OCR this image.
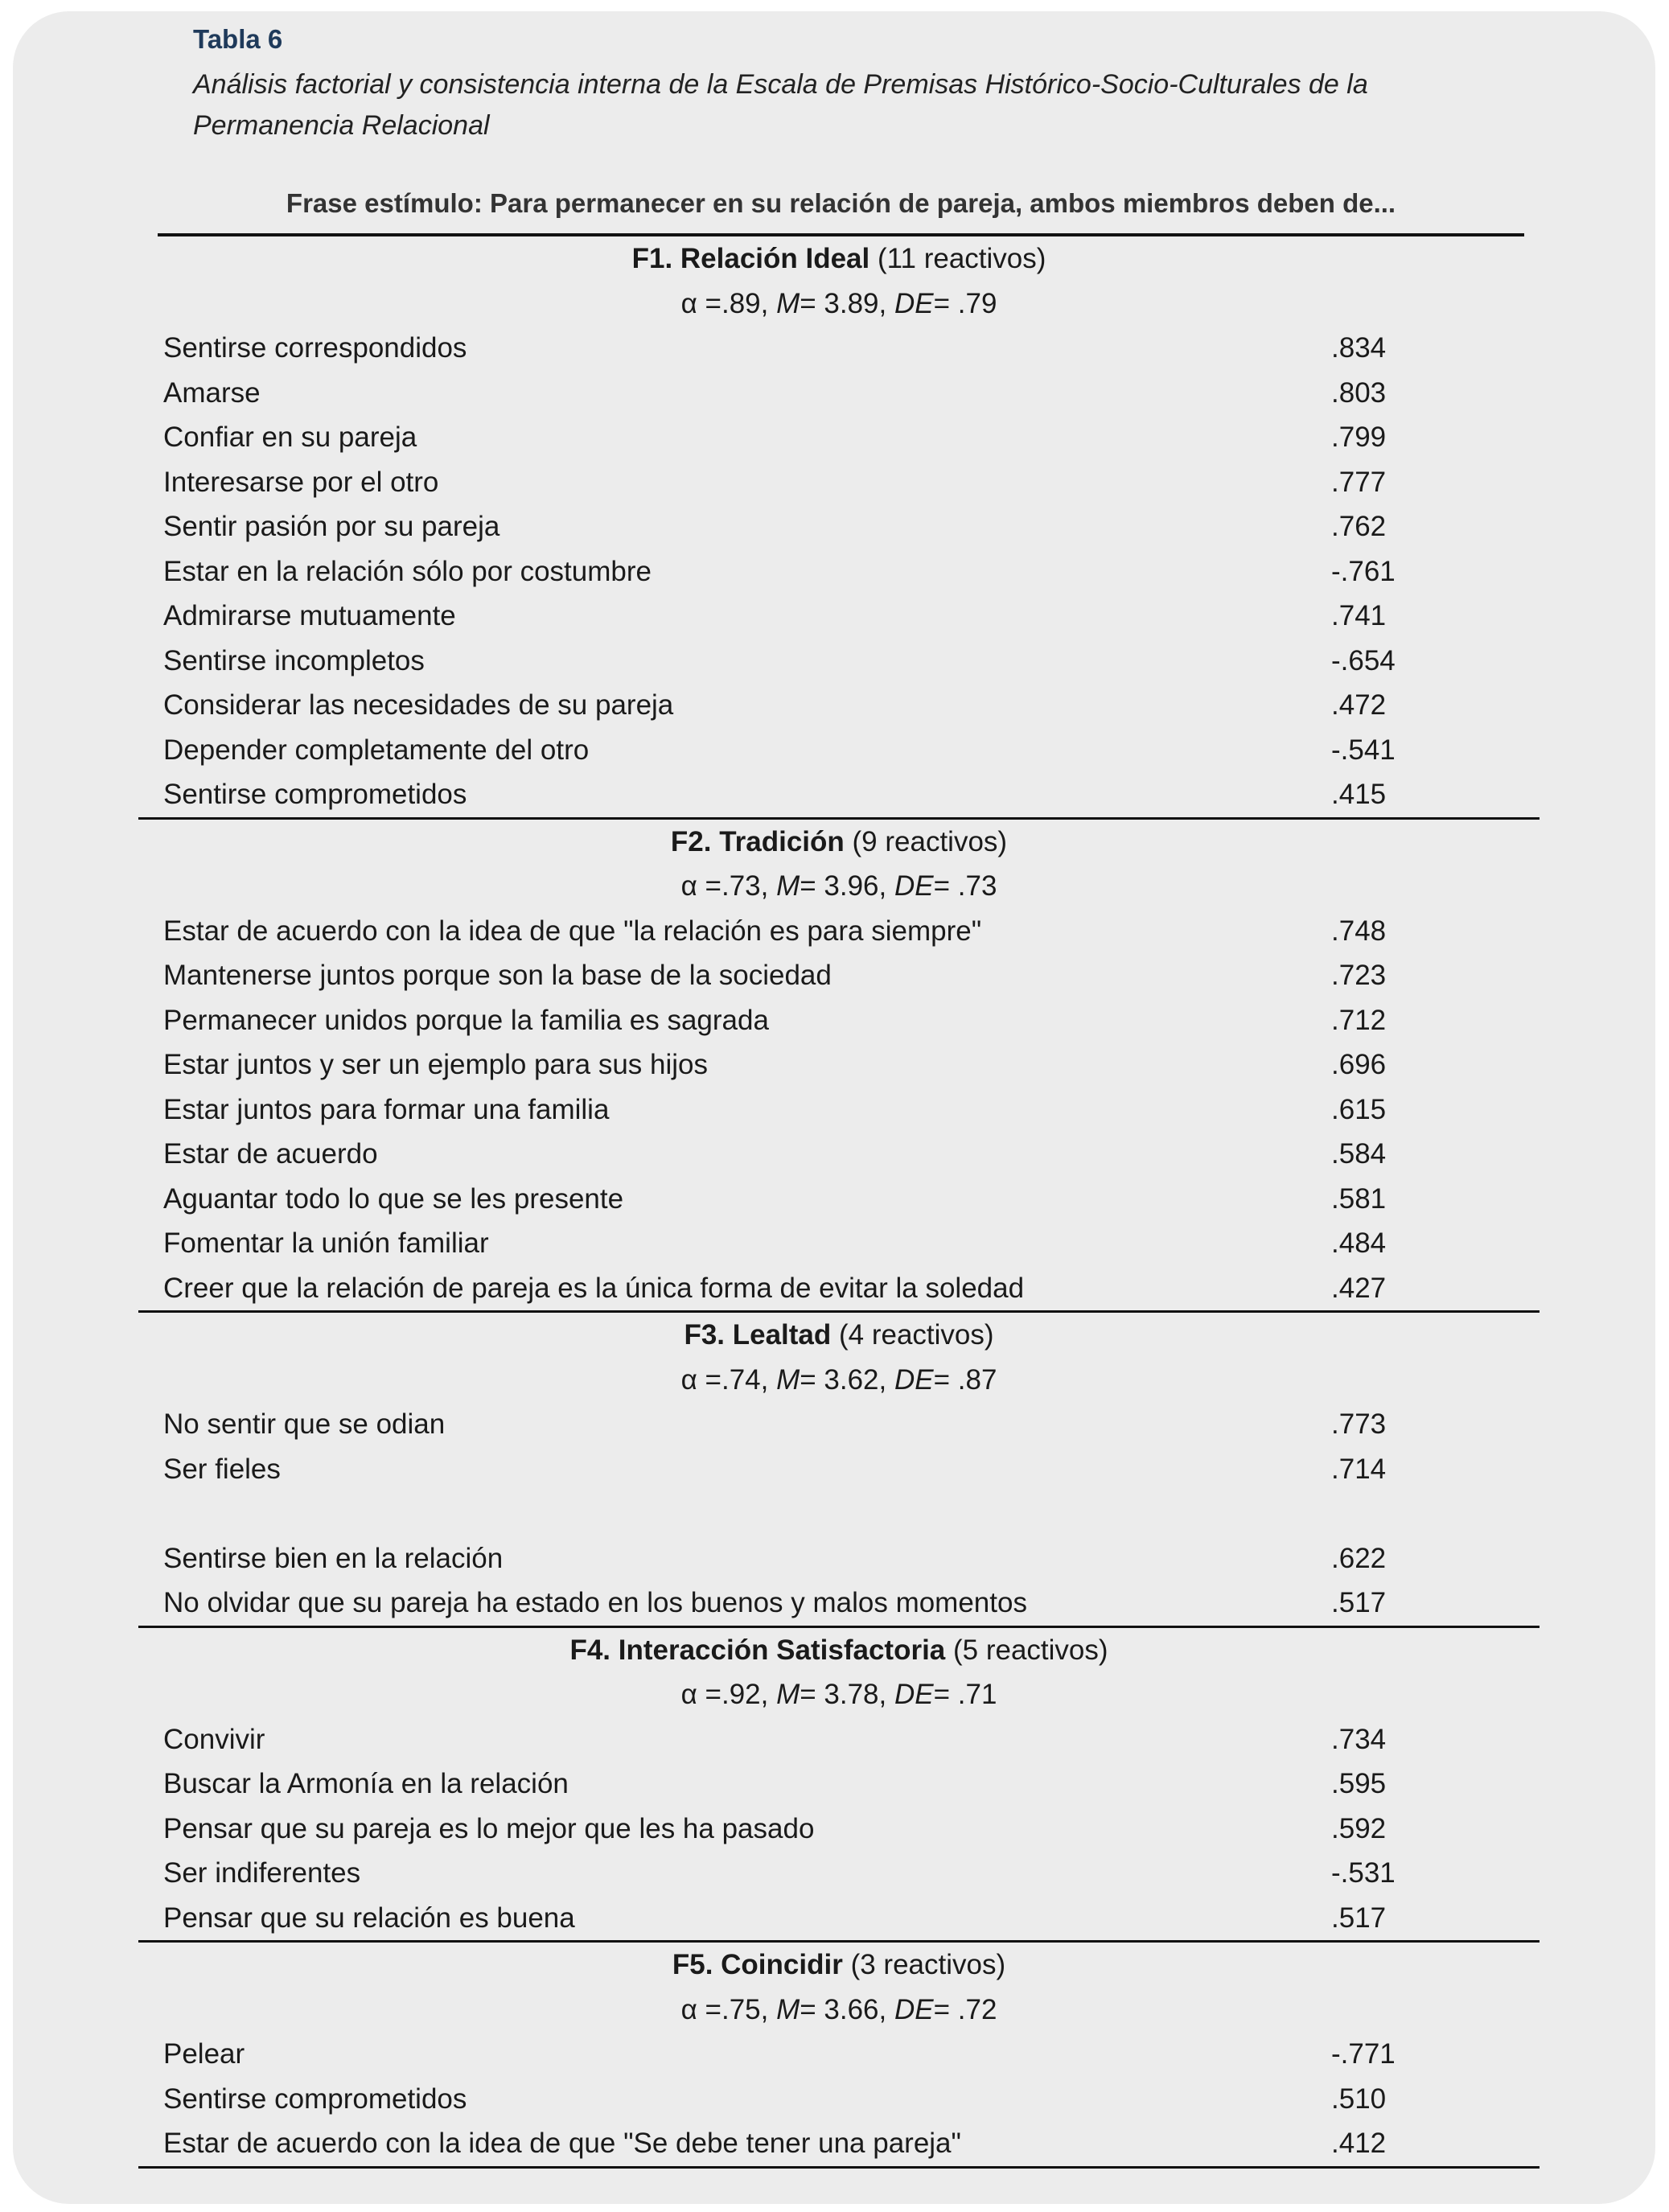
Tabla 6
Análisis factorial y consistencia interna de la Escala de Premisas Histórico-Socio-Culturales de la Permanencia Relacional
Frase estímulo: Para permanecer en su relación de pareja, ambos miembros deben de...
F1. Relación Ideal (11 reactivos)
α =.89, M= 3.89, DE= .79
Sentirse correspondidos	.834
Amarse	.803
Confiar en su pareja	.799
Interesarse por el otro	.777
Sentir pasión por su pareja	.762
Estar en la relación sólo por costumbre	-.761
Admirarse mutuamente	.741
Sentirse incompletos	-.654
Considerar las necesidades de su pareja	.472
Depender completamente del otro	-.541
Sentirse comprometidos	.415
F2. Tradición (9 reactivos)
α =.73, M= 3.96, DE= .73
Estar de acuerdo con la idea de que "la relación es para siempre"	.748
Mantenerse juntos porque son la base de la sociedad	.723
Permanecer unidos porque la familia es sagrada	.712
Estar juntos y ser un ejemplo para sus hijos	.696
Estar juntos para formar una familia	.615
Estar de acuerdo	.584
Aguantar todo lo que se les presente	.581
Fomentar la unión familiar	.484
Creer que la relación de pareja es la única forma de evitar la soledad	.427
F3. Lealtad (4 reactivos)
α =.74, M= 3.62, DE= .87
No sentir que se odian	.773
Ser fieles	.714
Sentirse bien en la relación	.622
No olvidar que su pareja ha estado en los buenos y malos momentos	.517
F4. Interacción Satisfactoria (5 reactivos)
α =.92, M= 3.78, DE= .71
Convivir	.734
Buscar la Armonía en la relación	.595
Pensar que su pareja es lo mejor que les ha pasado	.592
Ser indiferentes	-.531
Pensar que su relación es buena	.517
F5. Coincidir (3 reactivos)
α =.75, M= 3.66, DE= .72
Pelear	-.771
Sentirse comprometidos	.510
Estar de acuerdo con la idea de que "Se debe tener una pareja"	.412
